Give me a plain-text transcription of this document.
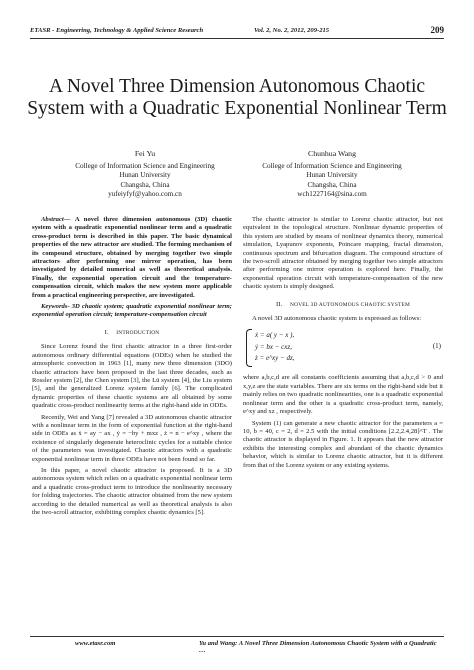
ETASR - Engineering, Technology & Applied Science Research	Vol. 2, No. 2, 2012, 209-215	209
A Novel Three Dimension Autonomous Chaotic System with a Quadratic Exponential Nonlinear Term
Fei Yu
College of Information Science and Engineering
Hunan University
Changsha, China
yufeiyfyf@yahoo.com.cn
Chunhua Wang
College of Information Science and Engineering
Hunan University
Changsha, China
wch1227164@sina.com

Abstract— A novel three dimension autonomous (3D) chaotic system with a quadratic exponential nonlinear term and a quadratic cross-product term is described in this paper. The basic dynamical properties of the new attractor are studied. The forming mechanism of its compound structure, obtained by merging together two simple attractors after performing one mirror operation, has been investigated by detailed numerical as well as theoretical analysis. Finally, the exponential operation circuit and the temperature-compensation circuit, which makes the new system more applicable from a practical engineering perspective, are investigated.

Keywords- 3D chaotic system; quadratic exponential nonlinear term; exponential operation circuit; temperature-compensation circuit

I. INTRODUCTION

Since Lorenz found the first chaotic attractor in a three first-order autonomous ordinary differential equations (ODEs) when he studied the atmospheric convection in 1963 [1], many new three dimension (3DO) chaotic attractors have been proposed in the last three decades, such as Rossler system [2], the Chen system [3], the Lü system [4], the Liu system [5], and the generalized Lorenz system family [6]. The complicated dynamic properties of these chaotic systems are all obtained by some quadratic cross-product nonlinearity terms at the right-hand side in ODEs.

Recently, Wei and Yang [7] revealed a 3D autonomous chaotic attractor with a nonlinear term in the form of exponential function at the right-hand side in ODEs as ẋ = ay − ax , ẏ = −by + mxz , ż = n − e^xy , where the existence of singularly degenerate heteroclinic cycles for a suitable choice of the parameters was investigated. Chaotic attractors with a quadratic exponential nonlinear term in three ODEs have not been found so far.

In this paper, a novel chaotic attractor is proposed. It is a 3D autonomous system which relies on a quadratic exponential nonlinear term and a quadratic cross-product term to introduce the nonlinearity necessary for folding trajectories. The chaotic attractor obtained from the new system according to the detailed numerical as well as theoretical analysis is also the two-scroll attractor, exhibiting complex chaotic dynamics [5].

The chaotic attractor is similar to Lorenz chaotic attractor, but not equivalent in the topological structure. Nonlinear dynamic properties of this system are studied by means of nonlinear dynamics theory, numerical simulation, Lyapunov exponents, Poincare mapping, fractal dimension, continuous spectrum and bifurcation diagram. The compound structure of the two-scroll attractor obtained by merging together two simple attractors after performing one mirror operation is explored here. Finally, the exponential operation circuit with temperature-compensation of the new chaotic system is simply designed.

II. NOVEL 3D AUTONOMOUS CHAOTIC SYSTEM

A novel 3D autonomous chaotic system is expressed as follows:

ẋ = a( y − x ),
ẏ = bx − cxz,
ż = e^xy − dz,
(1)

where a,b,c,d are all constants coefficients assuming that a,b,c,d > 0 and x,y,z are the state variables. There are six terms on the right-hand side but it mainly relies on two quadratic nonlinearities, one is a quadratic exponential nonlinear term and the other is a quadratic cross-product term, namely, e^xy and xz , respectively.

System (1) can generate a new chaotic attractor for the parameters a = 10, b = 40, c = 2, d = 2.5 with the initial conditions [2.2,2.4,28]^T . The chaotic attractor is displayed in Figure. 1. It appears that the new attractor exhibits the interesting complex and abundant of the chaotic dynamics behavior, which is similar to Lorenz chaotic attractor, but it is different from that of the Lorenz system or any existing systems.

www.etasr.com	Yu and Wang: A Novel Three Dimension Autonomous Chaotic System with a Quadratic …
